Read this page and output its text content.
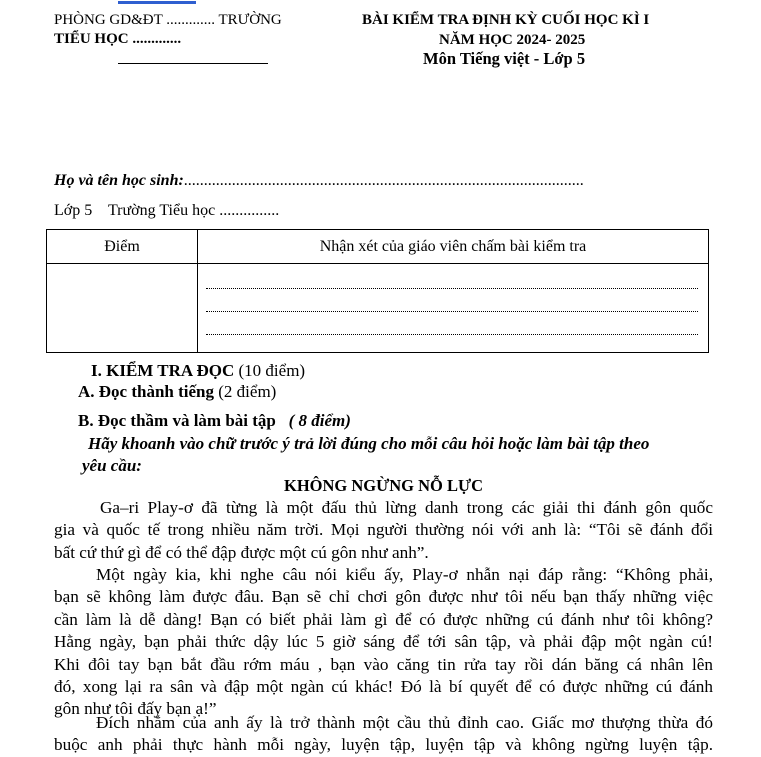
PHÒNG GD&ĐT ............. TRƯỜNG
TIỂU HỌC .............
BÀI KIỂM TRA ĐỊNH KỲ CUỐI HỌC KÌ I
NĂM HỌC 2024- 2025
Môn Tiếng việt - Lớp 5
Họ và tên học sinh:....................................................................................................
Lớp 5    Trường Tiểu học ...............
Điểm	Nhận xét của giáo viên chấm bài kiểm tra

I. KIỂM TRA ĐỌC (10 điểm)
A. Đọc thành tiếng (2 điểm)
B. Đọc thầm và làm bài tập ( 8 điểm)
Hãy khoanh vào chữ trước ý trả lời đúng cho mỗi câu hỏi hoặc làm bài tập theo
yêu cầu:
KHÔNG NGỪNG NỖ LỰC
Ga–ri Play-ơ đã từng là một đấu thủ lừng danh trong các giải thi đánh gôn quốc
gia và quốc tế trong nhiều năm trời. Mọi người thường nói với anh là: “Tôi sẽ đánh đổi
bất cứ thứ gì để có thể đập được một cú gôn như anh”.
Một ngày kia, khi nghe câu nói kiểu ấy, Play-ơ nhẫn nại đáp rằng: “Không phải,
bạn sẽ không làm được đâu. Bạn sẽ chỉ chơi gôn được như tôi nếu bạn thấy những việc
cần làm là dễ dàng! Bạn có biết phải làm gì để có được những cú đánh như tôi không?
Hằng ngày, bạn phải thức dậy lúc 5 giờ sáng để tới sân tập, và phải đập một ngàn cú!
Khi đôi tay bạn bắt đầu rớm máu , bạn vào căng tin rửa tay rồi dán băng cá nhân lên
đó, xong lại ra sân và đập một ngàn cú khác! Đó là bí quyết để có được những cú đánh
gôn như tôi đấy bạn ạ!”
Đích nhắm của anh ấy là trở thành một cầu thủ đỉnh cao. Giấc mơ thượng thừa đó
buộc anh phải thực hành mỗi ngày, luyện tập, luyện tập và không ngừng luyện tập.
